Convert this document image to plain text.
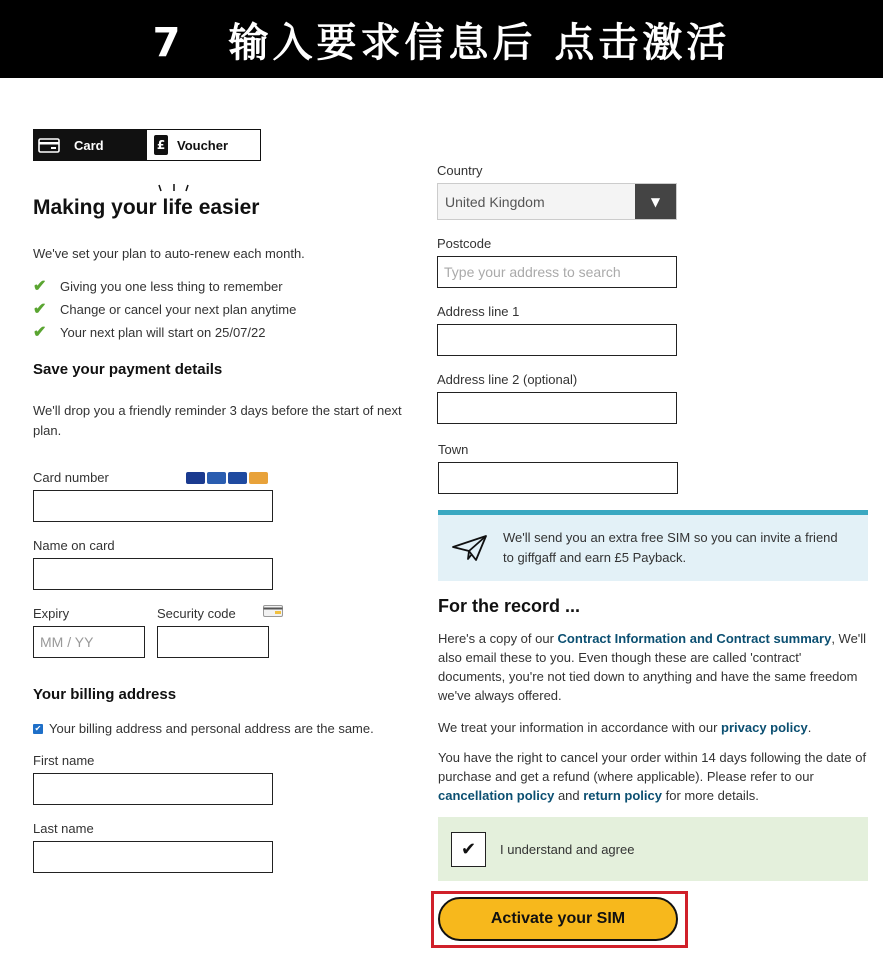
7　输入要求信息后 点击激活
Card	£ Voucher
Making your life easier
We've set your plan to auto-renew each month.
✔	Giving you one less thing to remember
✔	Change or cancel your next plan anytime
✔	Your next plan will start on 25/07/22
Save your payment details
We'll drop you a friendly reminder 3 days before the start of next plan.
Card number
Name on card
Expiry
MM / YY
Security code
Your billing address
✔ Your billing address and personal address are the same.
First name
Last name
Country
United Kingdom	▼
Postcode
Type your address to search
Address line 1
Address line 2 (optional)
Town
We'll send you an extra free SIM so you can invite a friend to giffgaff and earn £5 Payback.
For the record ...
Here's a copy of our Contract Information and Contract summary, We'll also email these to you. Even though these are called 'contract' documents, you're not tied down to anything and have the same freedom we've always offered.
We treat your information in accordance with our privacy policy.
You have the right to cancel your order within 14 days following the date of purchase and get a refund (where applicable). Please refer to our cancellation policy and return policy for more details.
✔ I understand and agree
Activate your SIM
